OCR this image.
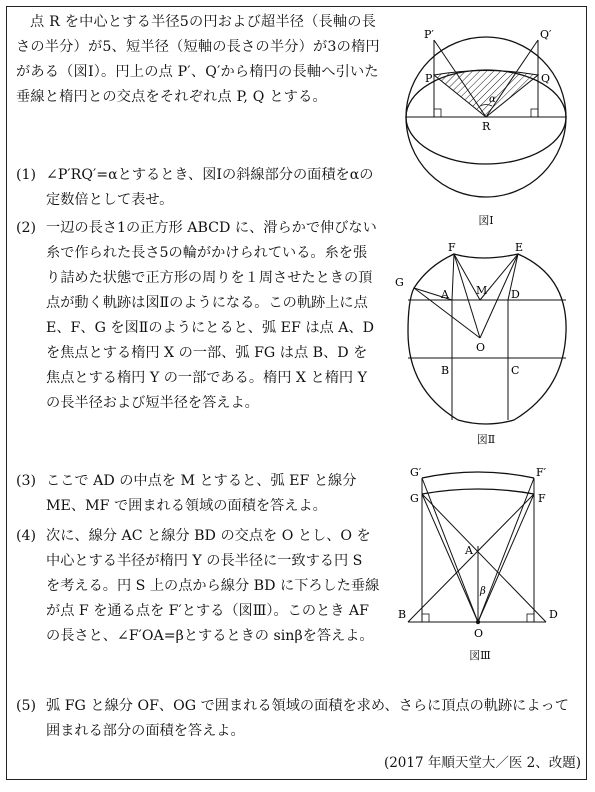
点 R を中心とする半径5の円および超半径（長軸の長さの半分）が5、短半径（短軸の長さの半分）が3の楕円がある（図Ⅰ）。円上の点 P′、Q′から楕円の長軸へ引いた垂線と楕円との交点をそれぞれ点 P, Q とする。
(1) ∠P′RQ′=αとするとき、図Ⅰの斜線部分の面積をαの定数倍として表せ。
(2) 一辺の長さ1の正方形 ABCD に、滑らかで伸びない糸で作られた長さ5の輪がかけられている。糸を張り詰めた状態で正方形の周りを１周させたときの頂点が動く軌跡は図Ⅱのようになる。この軌跡上に点 E、F、G を図Ⅱのようにとると、弧 EF は点 A、D を焦点とする楕円 X の一部、弧 FG は点 B、D を焦点とする楕円 Y の一部である。楕円 X と楕円 Y の長半径および短半径を答えよ。
(3) ここで AD の中点を M とすると、弧 EF と線分 ME、MF で囲まれる領域の面積を答えよ。
(4) 次に、線分 AC と線分 BD の交点を O とし、O を中心とする半径が楕円 Y の長半径に一致する円 S を考える。円 S 上の点から線分 BD に下ろした垂線が点 F を通る点を F′とする（図Ⅲ）。このとき AF の長さと、∠F′OA=βとするときの sinβを答えよ。
(5) 弧 FG と線分 OF、OG で囲まれる領域の面積を求め、さらに頂点の軌跡によって囲まれる部分の面積を答えよ。
(2017 年順天堂大／医 2、改題)
P′	Q′
P	Q
R
α
図Ⅰ
F	E
M
G
A	D
O
B	C
図Ⅱ
G′	F′
G	F
A
β
B	D
O
図Ⅲ
